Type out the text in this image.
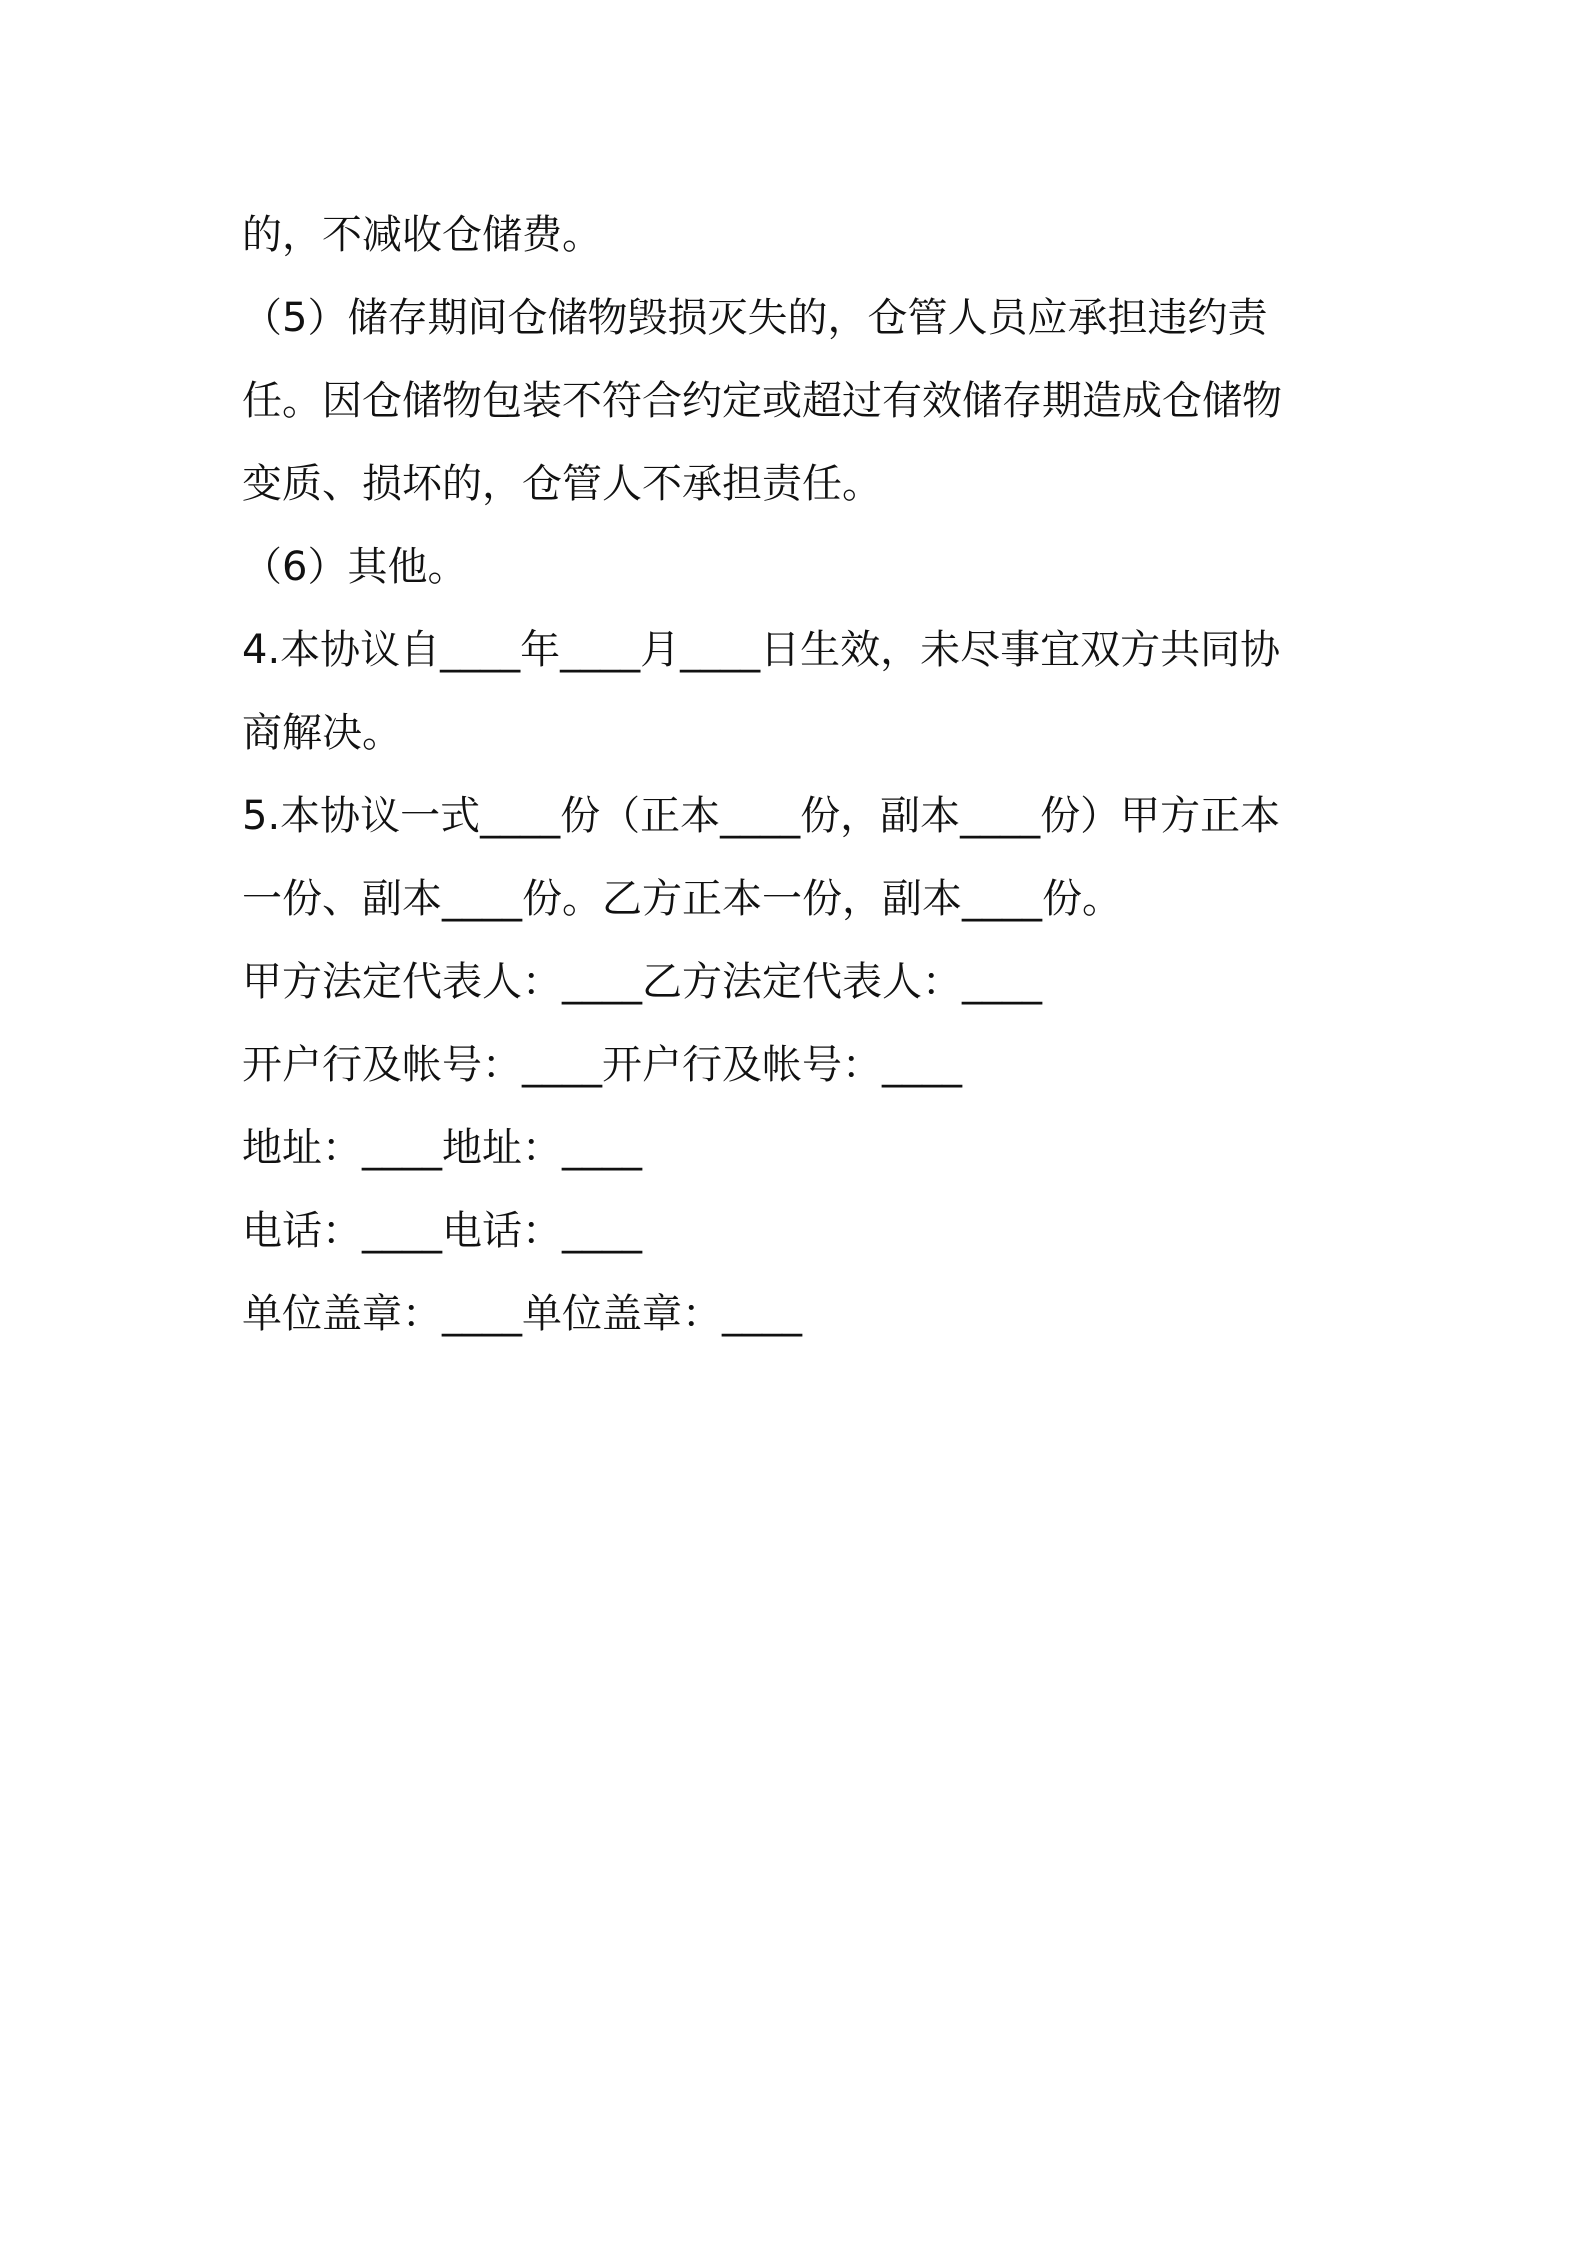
的，不减收仓储费。
（5）储存期间仓储物毁损灭失的，仓管人员应承担违约责
任。因仓储物包装不符合约定或超过有效储存期造成仓储物
变质、损坏的，仓管人不承担责任。
（6）其他。
4.本协议自____年____月____日生效，未尽事宜双方共同协
商解决。
5.本协议一式____份（正本____份，副本____份）甲方正本
一份、副本____份。乙方正本一份，副本____份。
甲方法定代表人：____乙方法定代表人：____
开户行及帐号：____开户行及帐号：____
地址：____地址：____
电话：____电话：____
单位盖章：____单位盖章：____
